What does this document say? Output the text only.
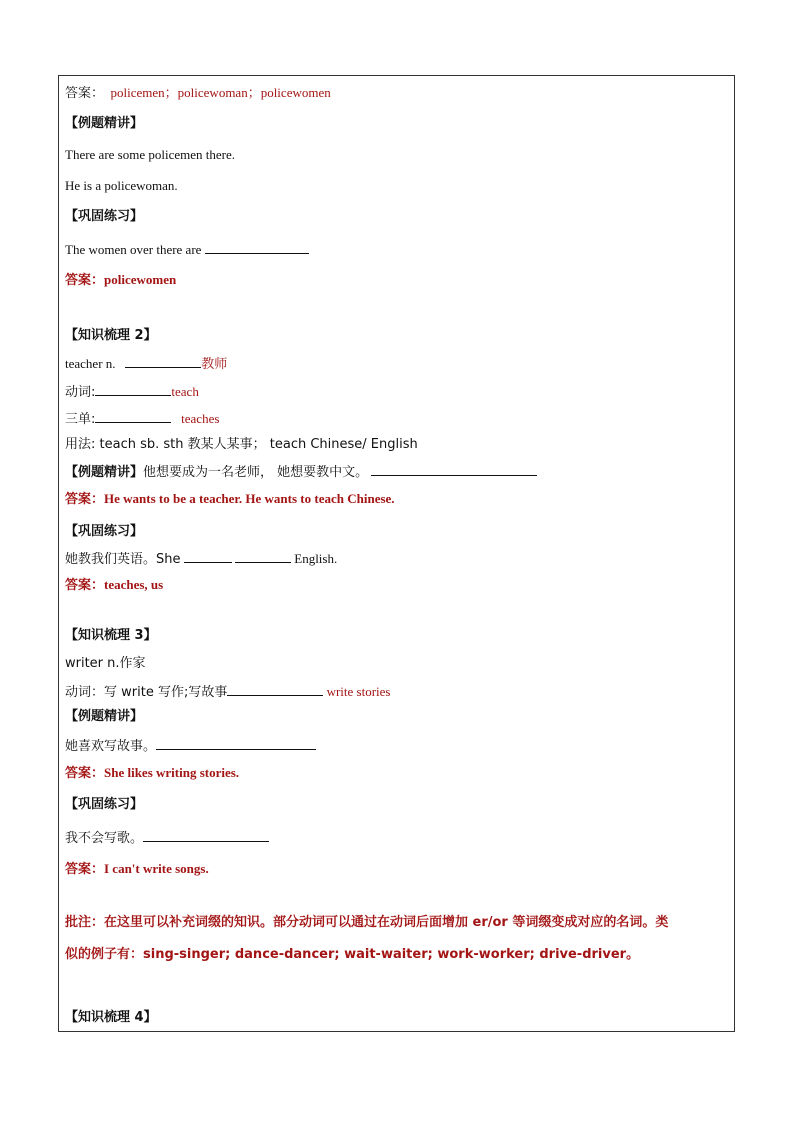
答案： policemen；policewoman；policewomen
【例题精讲】
There are some policemen there.
He is a policewoman.
【巩固练习】
The women over there are
答案：policewomen
【知识梳理 2】
teacher n.	教师
动词:	teach
三单:	teaches
用法: teach sb. sth 教某人某事； teach Chinese/ English
【例题精讲】他想要成为一名老师， 她想要教中文。
答案：He wants to be a teacher. He wants to teach Chinese.
【巩固练习】
她教我们英语。She	English.
答案：teaches, us
【知识梳理 3】
writer n.作家
动词：写 write 写作;写故事	write stories
【例题精讲】
她喜欢写故事。
答案：She likes writing stories.
【巩固练习】
我不会写歌。
答案：I can't write songs.
批注：在这里可以补充词缀的知识。部分动词可以通过在动词后面增加 er/or 等词缀变成对应的名词。类
似的例子有：sing-singer; dance-dancer; wait-waiter; work-worker; drive-driver。
【知识梳理 4】
